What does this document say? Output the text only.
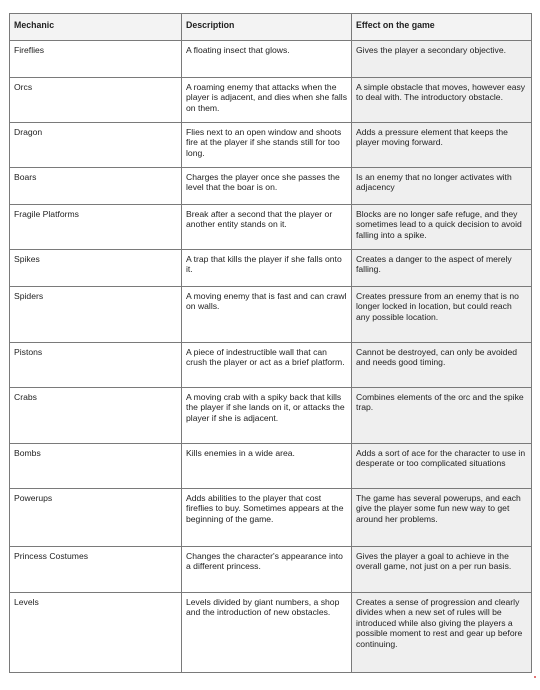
Mechanic	Description	Effect on the game
Fireflies	A floating insect that glows.	Gives the player a secondary objective.
Orcs	A roaming enemy that attacks when the player is adjacent, and dies when she falls on them.	A simple obstacle that moves, however easy to deal with. The introductory obstacle.
Dragon	Flies next to an open window and shoots fire at the player if she stands still for too long.	Adds a pressure element that keeps the player moving forward.
Boars	Charges the player once she passes the level that the boar is on.	Is an enemy that no longer activates with adjacency
Fragile Platforms	Break after a second that the player or another entity stands on it.	Blocks are no longer safe refuge, and they sometimes lead to a quick decision to avoid falling into a spike.
Spikes	A trap that kills the player if she falls onto it.	Creates a danger to the aspect of merely falling.
Spiders	A moving enemy that is fast and can crawl on walls.	Creates pressure from an enemy that is no longer locked in location, but could reach any possible location.
Pistons	A piece of indestructible wall that can crush the player or act as a brief platform.	Cannot be destroyed, can only be avoided and needs good timing.
Crabs	A moving crab with a spiky back that kills the player if she lands on it, or attacks the player if she is adjacent.	Combines elements of the orc and the spike trap.
Bombs	Kills enemies in a wide area.	Adds a sort of ace for the character to use in desperate or too complicated situations
Powerups	Adds abilities to the player that cost fireflies to buy. Sometimes appears at the beginning of the game.	The game has several powerups, and each give the player some fun new way to get around her problems.
Princess Costumes	Changes the character's appearance into a different princess.	Gives the player a goal to achieve in the overall game, not just on a per run basis.
Levels	Levels divided by giant numbers, a shop and the introduction of new obstacles.	Creates a sense of progression and clearly divides when a new set of rules will be introduced while also giving the players a possible moment to rest and gear up before continuing.
